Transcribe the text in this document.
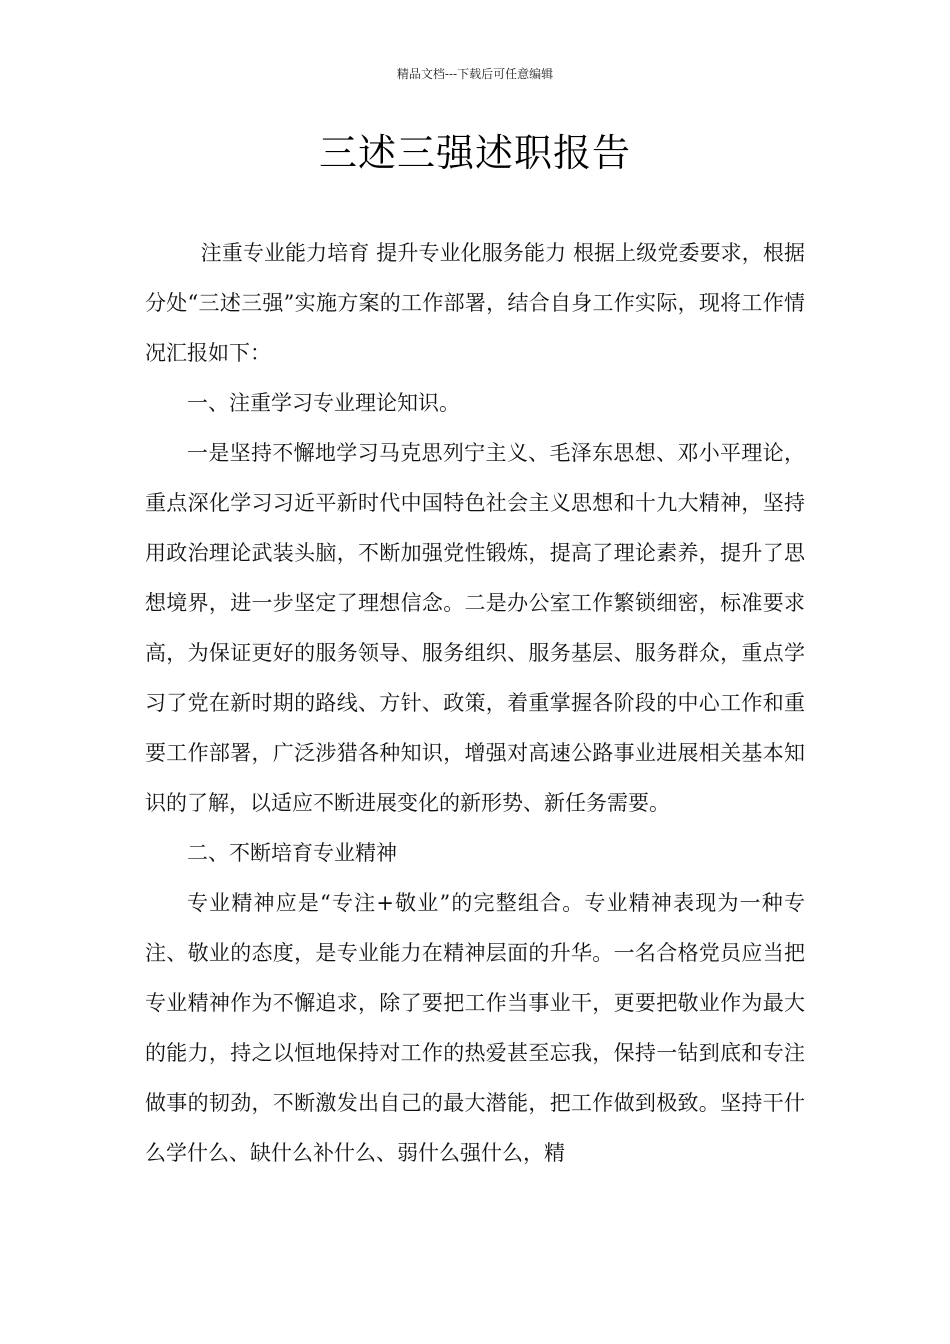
精品文档---下载后可任意编辑
三述三强述职报告

注重专业能力培育 提升专业化服务能力 根据上级党委要求，根据分处“三述三强”实施方案的工作部署，结合自身工作实际，现将工作情况汇报如下：

一、注重学习专业理论知识。

一是坚持不懈地学习马克思列宁主义、毛泽东思想、邓小平理论，重点深化学习习近平新时代中国特色社会主义思想和十九大精神，坚持用政治理论武装头脑，不断加强党性锻炼，提高了理论素养，提升了思想境界，进一步坚定了理想信念。二是办公室工作繁锁细密，标准要求高，为保证更好的服务领导、服务组织、服务基层、服务群众，重点学习了党在新时期的路线、方针、政策，着重掌握各阶段的中心工作和重要工作部署，广泛涉猎各种知识，增强对高速公路事业进展相关基本知识的了解，以适应不断进展变化的新形势、新任务需要。

二、不断培育专业精神

专业精神应是“专注+敬业”的完整组合。专业精神表现为一种专注、敬业的态度，是专业能力在精神层面的升华。一名合格党员应当把专业精神作为不懈追求，除了要把工作当事业干，更要把敬业作为最大的能力，持之以恒地保持对工作的热爱甚至忘我，保持一钻到底和专注做事的韧劲，不断激发出自己的最大潜能，把工作做到极致。坚持干什么学什么、缺什么补什么、弱什么强什么，精
